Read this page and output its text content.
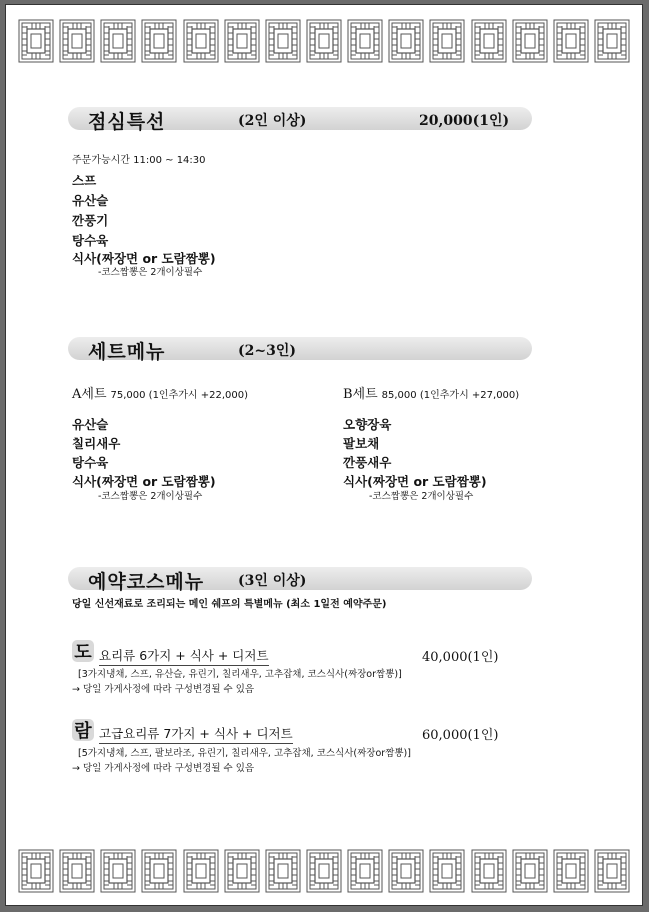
점심특선	(2인 이상)	20,000(1인)
주문가능시간 11:00 ~ 14:30
스프
유산슬
깐풍기
탕수육
식사(짜장면 or 도람짬뽕)
-코스짬뽕은 2개이상필수
세트메뉴	(2~3인)
A세트 75,000 (1인추가시 +22,000)
유산슬
칠리새우
탕수육
식사(짜장면 or 도람짬뽕)
-코스짬뽕은 2개이상필수
B세트 85,000 (1인추가시 +27,000)
오향장육
팔보채
깐풍새우
식사(짜장면 or 도람짬뽕)
-코스짬뽕은 2개이상필수
예약코스메뉴 (3인 이상)
당일 신선재료로 조리되는 메인 쉐프의 특별메뉴 (최소 1일전 예약주문)
도 요리류 6가지 + 식사 + 디저트	40,000(1인)
[3가지냉채, 스프, 유산슬, 유린기, 칠리새우, 고추잡채, 코스식사(짜장or짬뽕)]
→ 당일 가게사정에 따라 구성변경될 수 있음
람 고급요리류 7가지 + 식사 + 디저트	60,000(1인)
[5가지냉채, 스프, 팔보라조, 유린기, 칠리새우, 고추잡채, 코스식사(짜장or짬뽕)]
→ 당일 가게사정에 따라 구성변경될 수 있음
